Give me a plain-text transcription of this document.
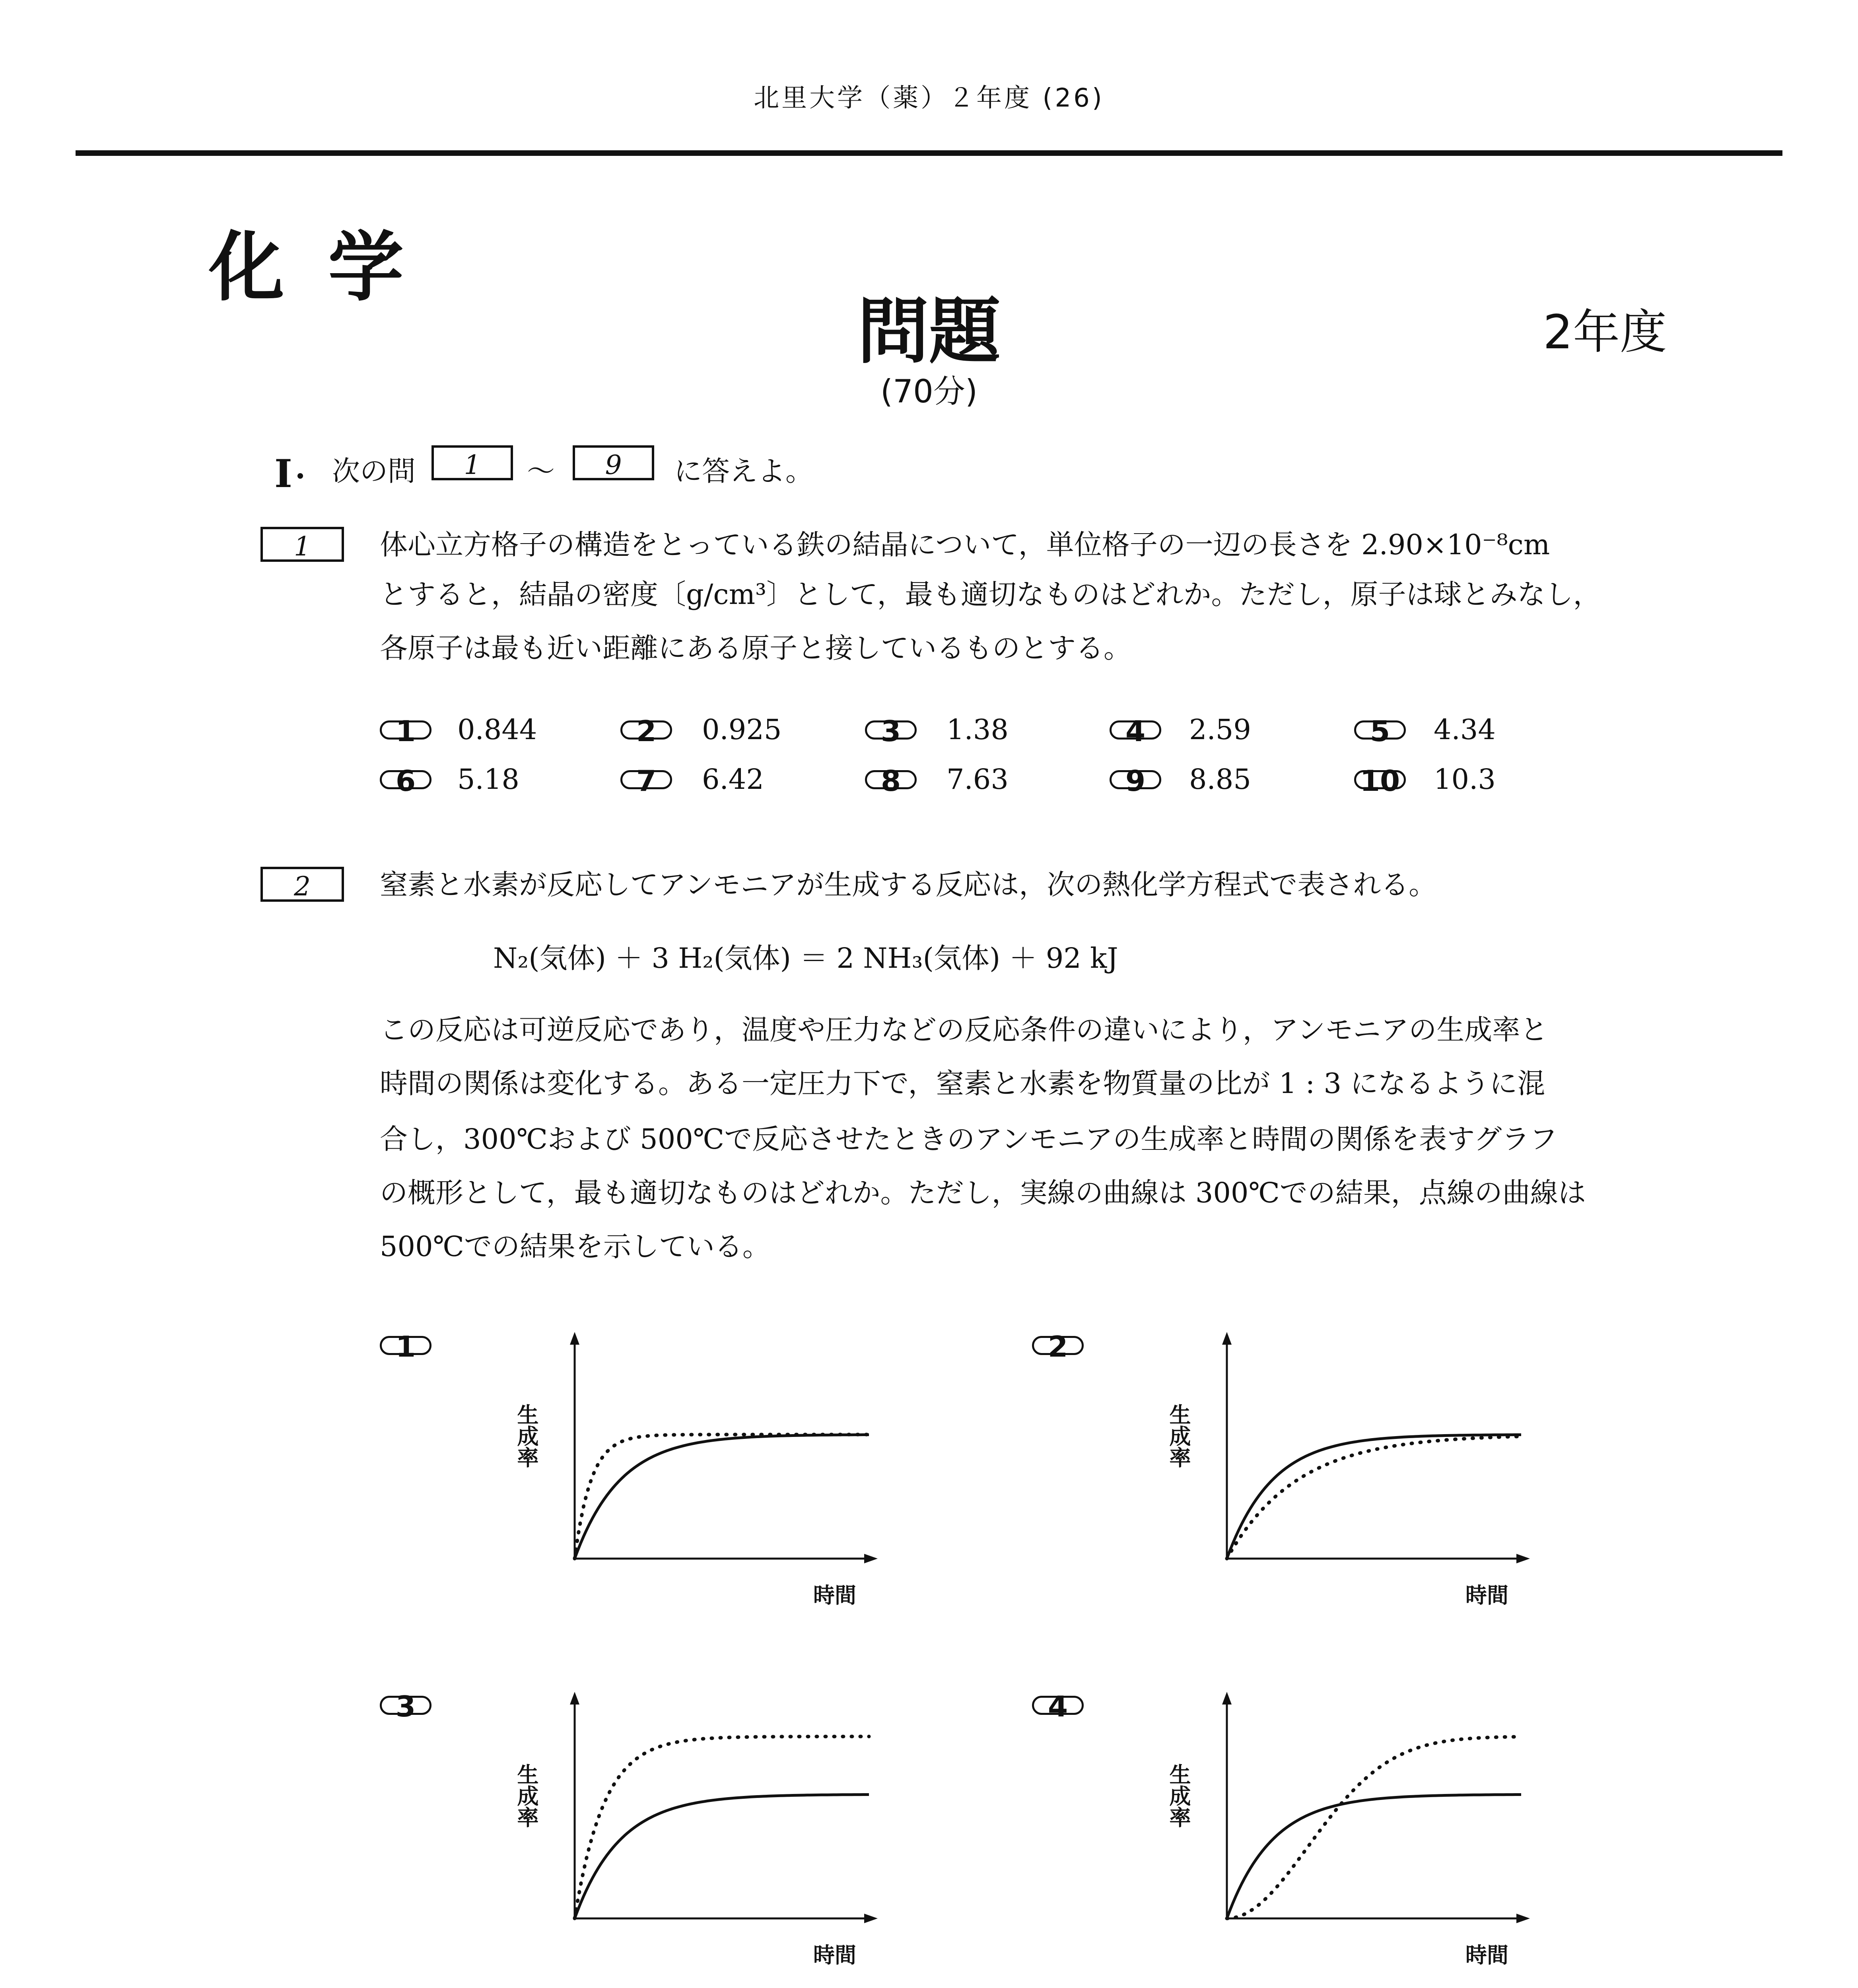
北里大学（薬）２年度 (26)
化学
問題	2年度
(70分)
Ⅰ 次の問	1	〜	9	に答えよ。
1	体心立方格子の構造をとっている鉄の結晶について，単位格子の一辺の長さを 2.90×10⁻⁸cm
とすると，結晶の密度〔g/cm³〕として，最も適切なものはどれか。ただし，原子は球とみなし，
各原子は最も近い距離にある原子と接しているものとする。
1	0.844	2	0.925	3	1.38	4	2.59	5	4.34
6	5.18	7	6.42	8	7.63	9	8.85	10 10.3
2	窒素と水素が反応してアンモニアが生成する反応は，次の熱化学方程式で表される。
N₂(気体) ＋ 3 H₂(気体) ＝ 2 NH₃(気体) ＋ 92 kJ
この反応は可逆反応であり，温度や圧力などの反応条件の違いにより，アンモニアの生成率と
時間の関係は変化する。ある一定圧力下で，窒素と水素を物質量の比が 1 : 3 になるように混
合し，300℃および 500℃で反応させたときのアンモニアの生成率と時間の関係を表すグラフ
の概形として，最も適切なものはどれか。ただし，実線の曲線は 300℃での結果，点線の曲線は
500℃での結果を示している。
1
生成率
時間
2
生成率
時間
3
生成率
時間
4
生成率
時間
